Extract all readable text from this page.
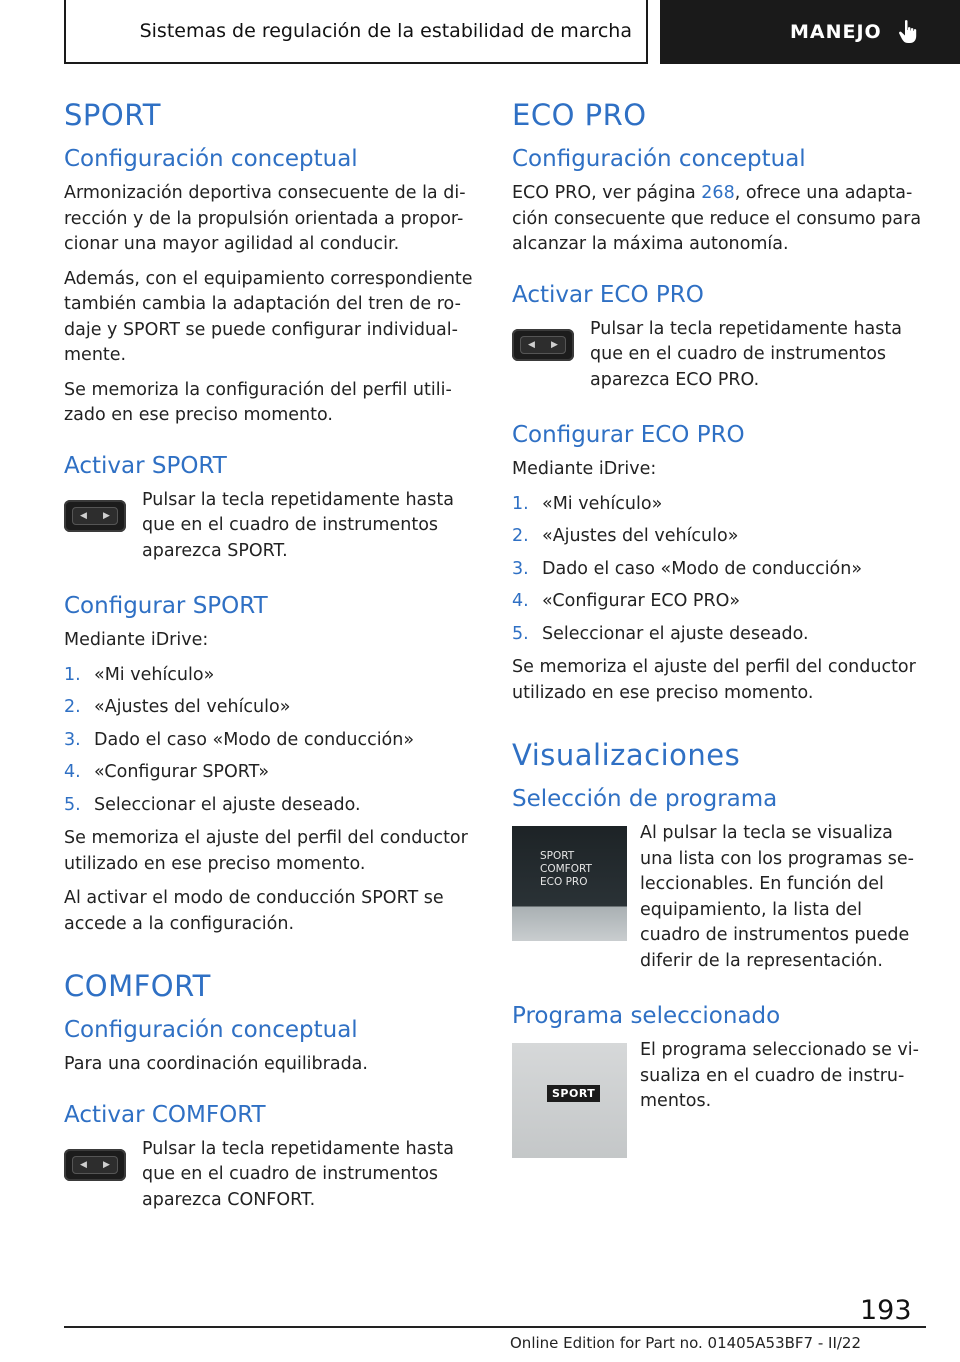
Sistemas de regulación de la estabilidad de marcha	MANEJO
SPORT
Configuración conceptual

Armonización deportiva consecuente de la di-rección y de la propulsión orientada a propor-cionar una mayor agilidad al conducir.

Además, con el equipamiento correspondiente también cambia la adaptación del tren de ro-daje y SPORT se puede configurar individual-mente.

Se memoriza la configuración del perfil utili-zado en ese preciso momento.

Activar SPORT
◀ ▶
Pulsar la tecla repetidamente hasta que en el cuadro de instrumentos aparezca SPORT.
Configurar SPORT

Mediante iDrive:

1. «Mi vehículo»
2. «Ajustes del vehículo»
3. Dado el caso «Modo de conducción»
4. «Configurar SPORT»
5. Seleccionar el ajuste deseado.

Se memoriza el ajuste del perfil del conductor utilizado en ese preciso momento.

Al activar el modo de conducción SPORT se accede a la configuración.

COMFORT
Configuración conceptual

Para una coordinación equilibrada.

Activar COMFORT
◀ ▶
Pulsar la tecla repetidamente hasta que en el cuadro de instrumentos aparezca CONFORT.
ECO PRO
Configuración conceptual

ECO PRO, ver página 268, ofrece una adapta-ción consecuente que reduce el consumo para alcanzar la máxima autonomía.

Activar ECO PRO
◀ ▶
Pulsar la tecla repetidamente hasta que en el cuadro de instrumentos aparezca ECO PRO.
Configurar ECO PRO

Mediante iDrive:

1. «Mi vehículo»
2. «Ajustes del vehículo»
3. Dado el caso «Modo de conducción»
4. «Configurar ECO PRO»
5. Seleccionar el ajuste deseado.

Se memoriza el ajuste del perfil del conductor utilizado en ese preciso momento.

Visualizaciones
Selección de programa
SPORT
COMFORT
ECO PRO
Al pulsar la tecla se visualiza una lista con los programas se-leccionables. En función del equipamiento, la lista del cuadro de instrumentos puede diferir de la representación.
Programa seleccionado
SPORT
El programa seleccionado se vi-sualiza en el cuadro de instru-mentos.
193
Online Edition for Part no. 01405A53BF7 - II/22
